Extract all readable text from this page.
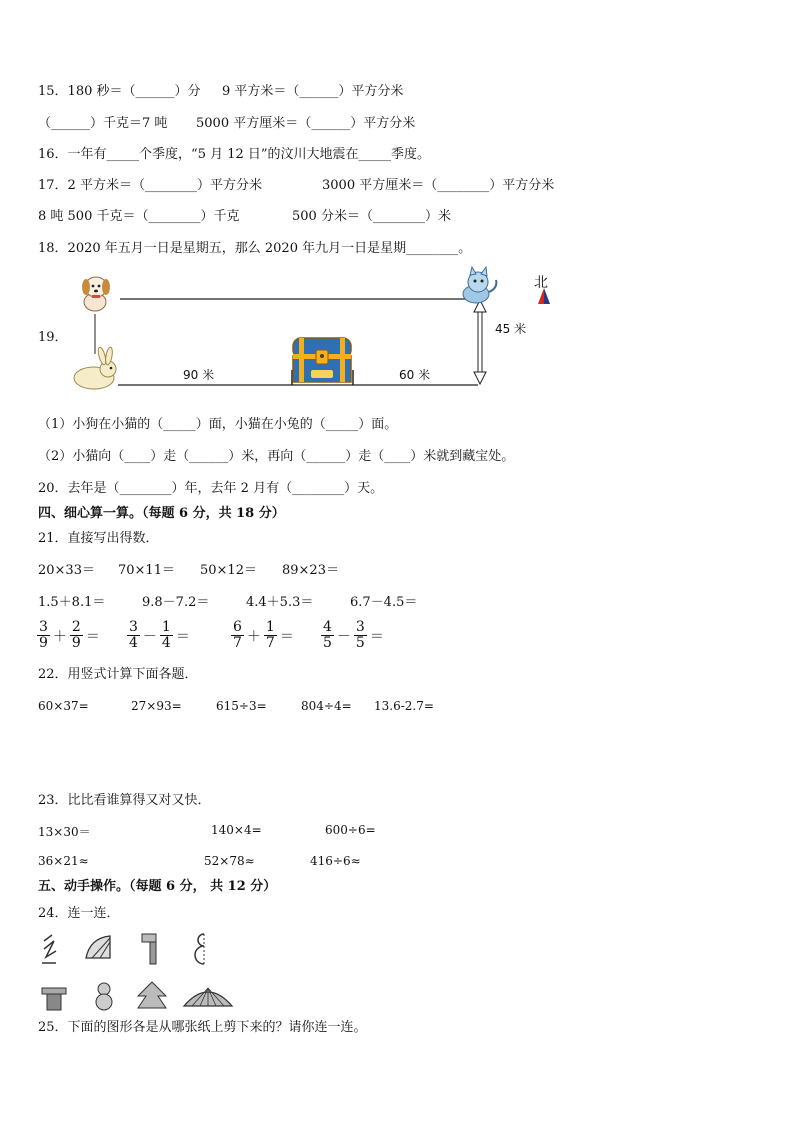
15．180 秒＝（______）分 9 平方米＝（______）平方分米
（______）千克＝7 吨 5000 平方厘米＝（______）平方分米
16．一年有_____个季度，“5 月 12 日”的汶川大地震在_____季度。
17．2 平方米＝（________）平方分米	3000 平方厘米＝（________）平方分米
8 吨 500 千克＝（________）千克	500 分米＝（________）米
18．2020 年五月一日是星期五，那么 2020 年九月一日是星期________。
19．
北
90 米	60 米
45 米
（1）小狗在小猫的（_____）面，小猫在小兔的（_____）面。
（2）小猫向（____）走（______）米，再向（______）走（____）米就到藏宝处。
20．去年是（________）年，去年 2 月有（________）天。
四、细心算一算。（每题 6 分，共 18 分）
21．直接写出得数．
20×33＝ 70×11＝ 50×12＝ 89×23＝
1.5＋8.1＝	9.8－7.2＝	4.4＋5.3＝	6.7－4.5＝
$\frac{3}{9} + \frac{2}{9} = \frac{3}{4} - \frac{1}{4}$ ＝	$\frac{6}{7} + \frac{1}{7} = \frac{4}{5} - \frac{3}{5}$ ＝
22．用竖式计算下面各题．
60×37=	27×93=	615÷3=	804÷4= 13.6-2.7=
23．比比看谁算得又对又快．
13×30＝	140×4=	600÷6=
36×21≈	52×78≈	416÷6≈
五、动手操作。（每题 6 分， 共 12 分）
24．连一连．
25．下面的图形各是从哪张纸上剪下来的？请你连一连。
